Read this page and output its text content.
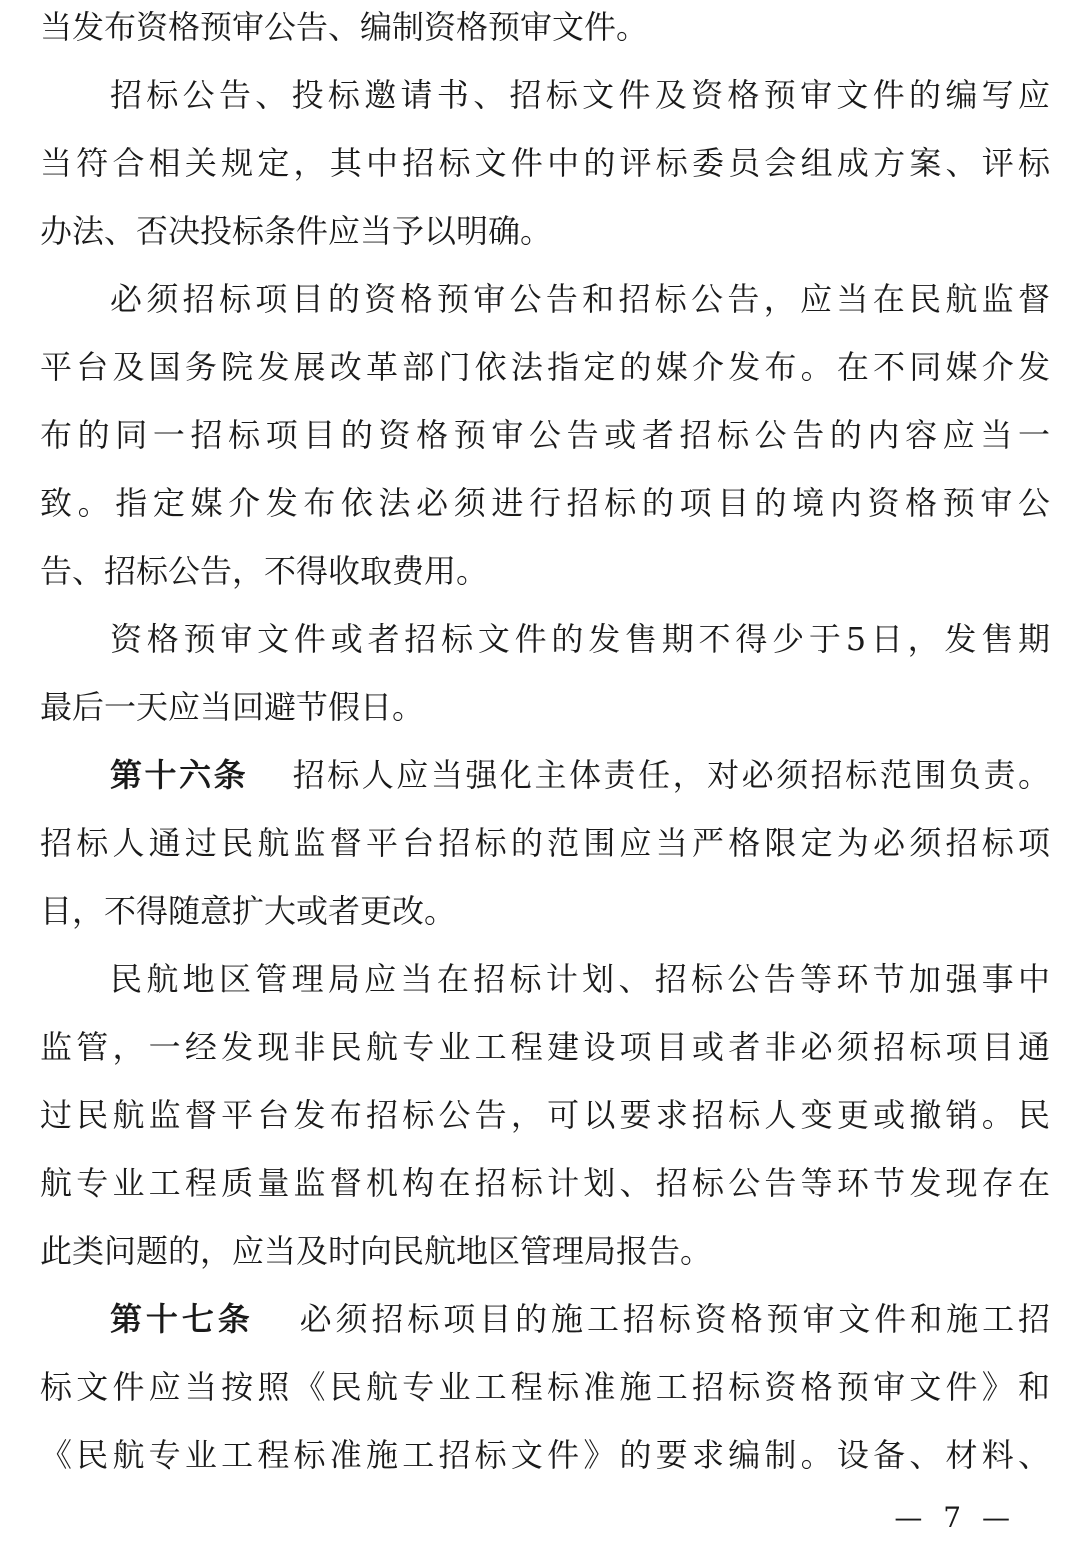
当发布资格预审公告、编制资格预审文件。
招标公告、投标邀请书、招标文件及资格预审文件的编写应
当符合相关规定，其中招标文件中的评标委员会组成方案、评标
办法、否决投标条件应当予以明确。
必须招标项目的资格预审公告和招标公告，应当在民航监督
平台及国务院发展改革部门依法指定的媒介发布。在不同媒介发
布的同一招标项目的资格预审公告或者招标公告的内容应当一
致。指定媒介发布依法必须进行招标的项目的境内资格预审公
告、招标公告，不得收取费用。
资格预审文件或者招标文件的发售期不得少于5日，发售期
最后一天应当回避节假日。
第十六条 招标人应当强化主体责任，对必须招标范围负责。
招标人通过民航监督平台招标的范围应当严格限定为必须招标项
目，不得随意扩大或者更改。
民航地区管理局应当在招标计划、招标公告等环节加强事中
监管，一经发现非民航专业工程建设项目或者非必须招标项目通
过民航监督平台发布招标公告，可以要求招标人变更或撤销。民
航专业工程质量监督机构在招标计划、招标公告等环节发现存在
此类问题的，应当及时向民航地区管理局报告。
第十七条 必须招标项目的施工招标资格预审文件和施工招
标文件应当按照《民航专业工程标准施工招标资格预审文件》和
《民航专业工程标准施工招标文件》的要求编制。设备、材料、
— 7 —
